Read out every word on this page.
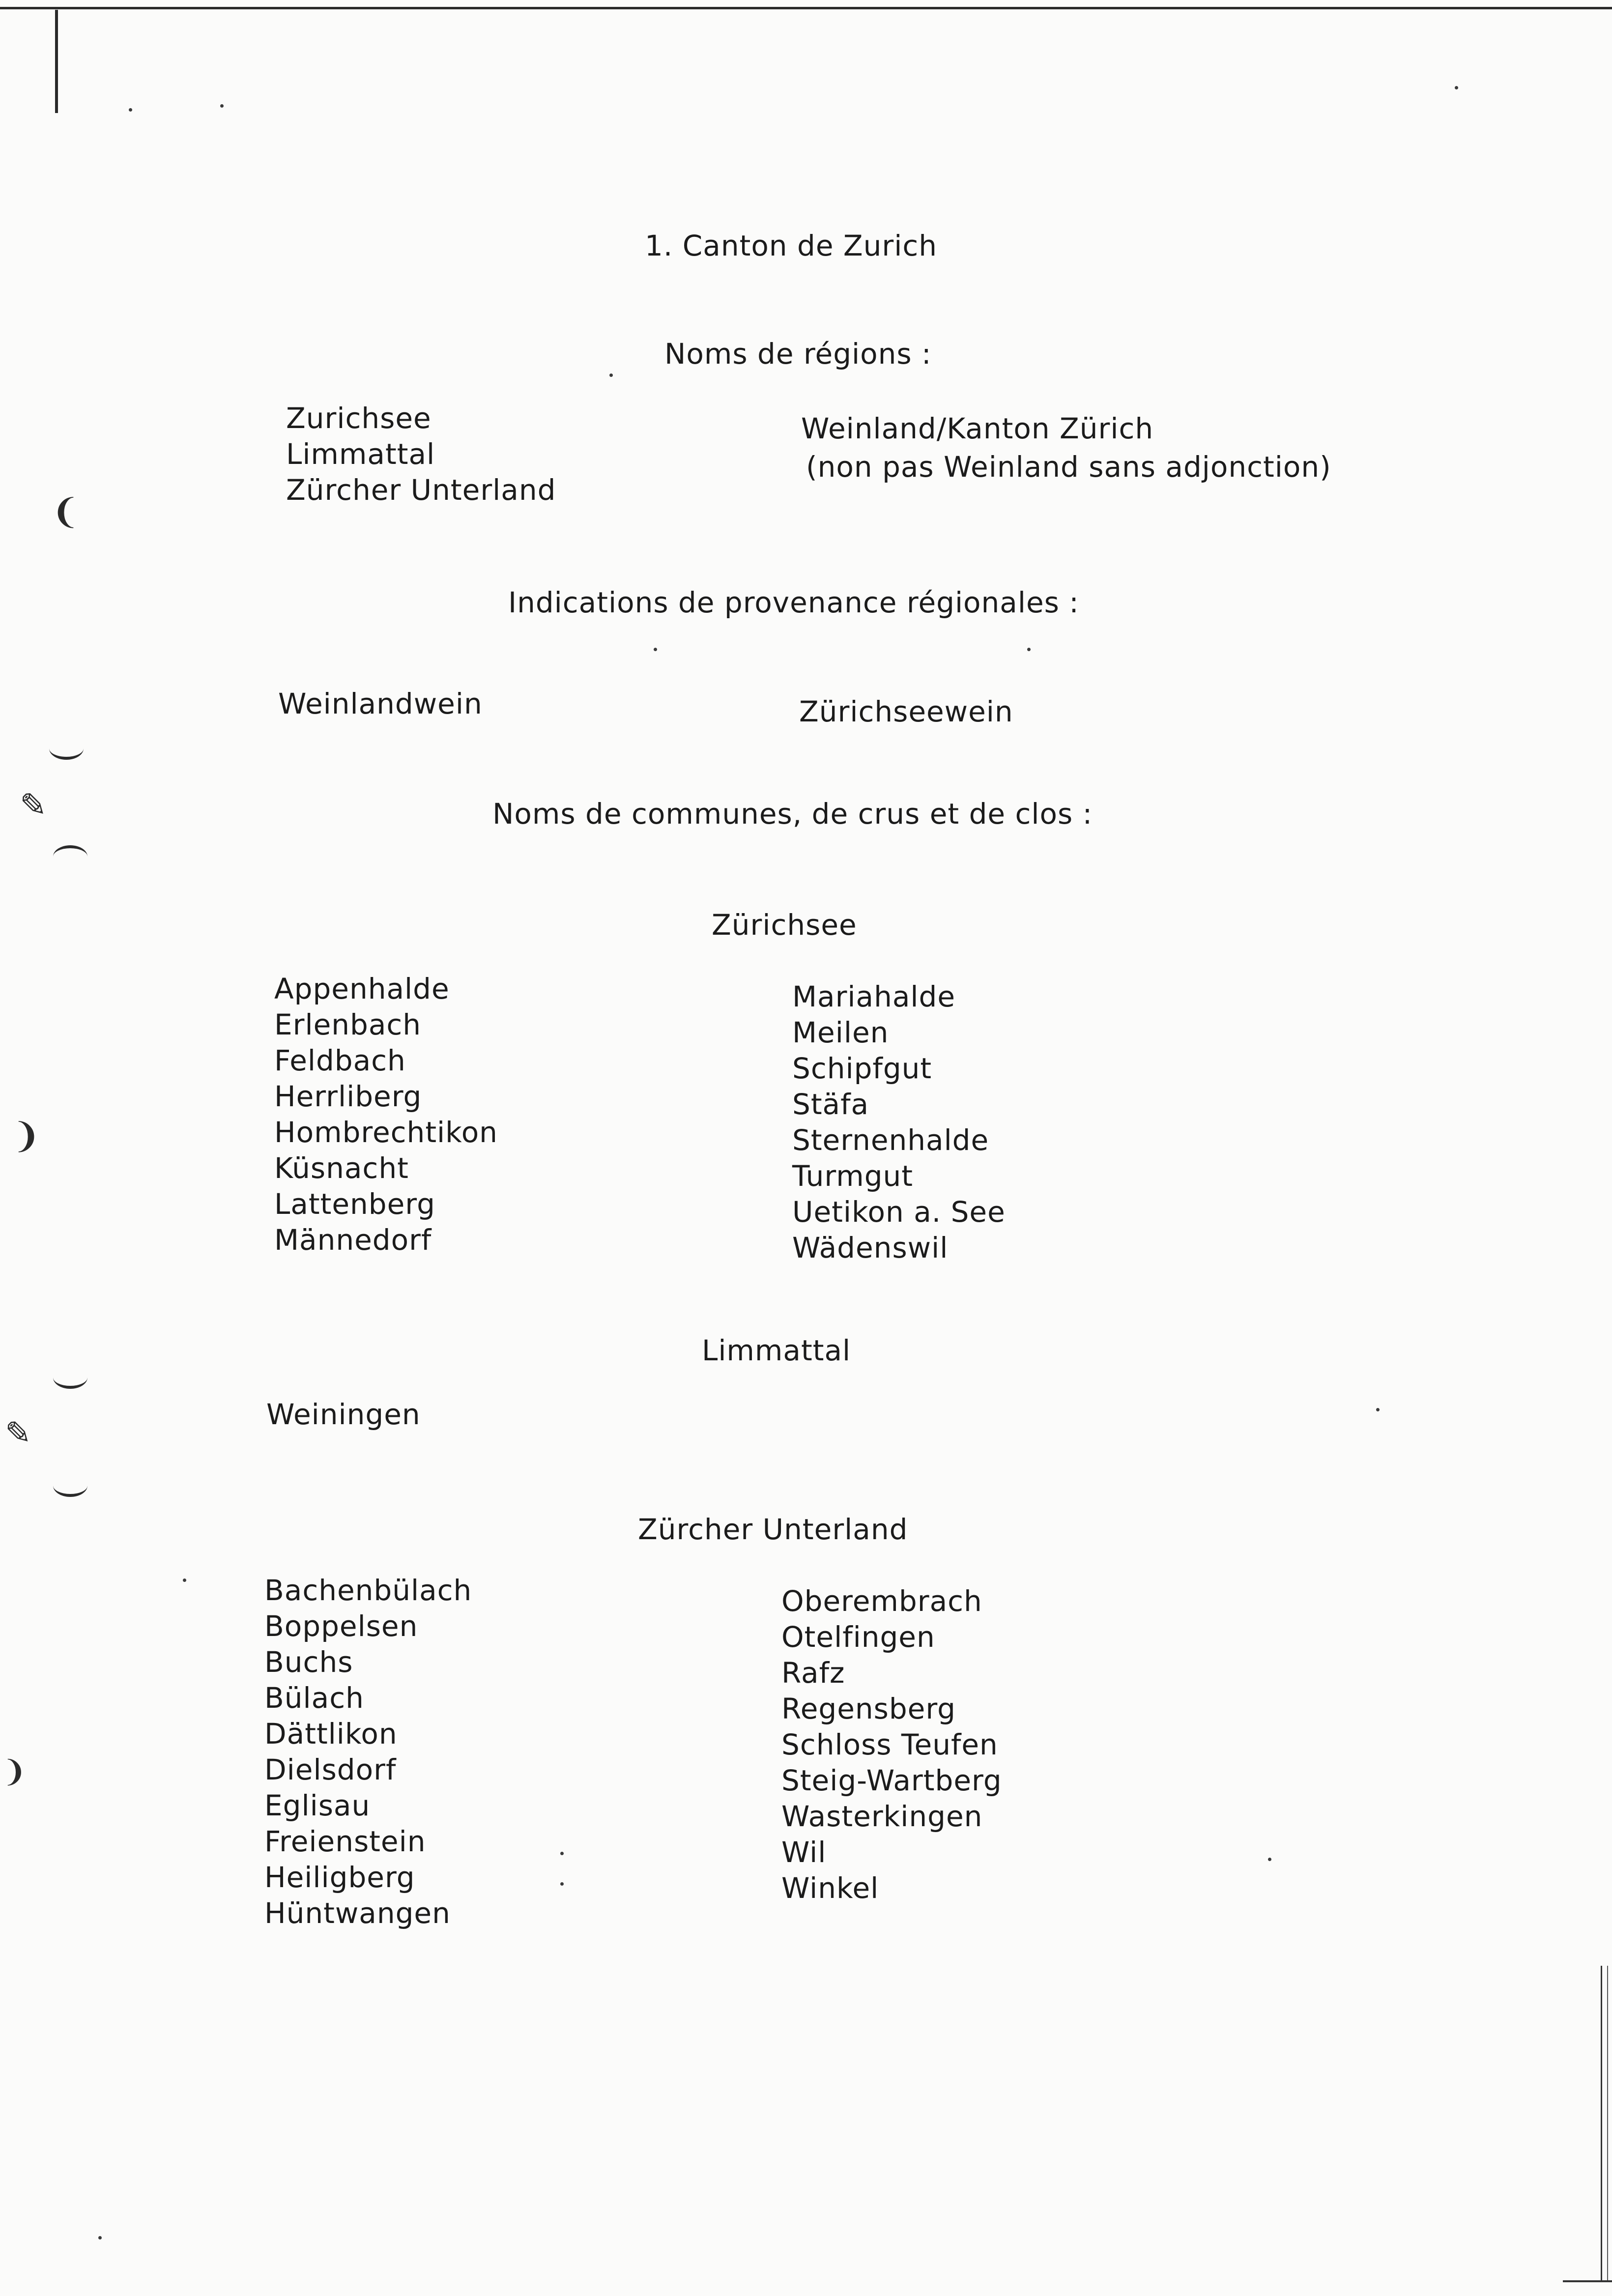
❨
✎
❩
✎
❩
1. Canton de Zurich
Noms de régions :
Zurichsee
Limmattal
Zürcher Unterland
Weinland/Kanton Zürich
(non pas Weinland sans adjonction)
Indications de provenance régionales :
Weinlandwein	Zürichseewein
Noms de communes, de crus et de clos :
Zürichsee
Appenhalde
Erlenbach
Feldbach
Herrliberg
Hombrechtikon
Küsnacht
Lattenberg
Männedorf
Mariahalde
Meilen
Schipfgut
Stäfa
Sternenhalde
Turmgut
Uetikon a. See
Wädenswil
Limmattal
Weiningen
Zürcher Unterland
Bachenbülach
Boppelsen
Buchs
Bülach
Dättlikon
Dielsdorf
Eglisau
Freienstein
Heiligberg
Hüntwangen
Oberembrach
Otelfingen
Rafz
Regensberg
Schloss Teufen
Steig-Wartberg
Wasterkingen
Wil
Winkel
